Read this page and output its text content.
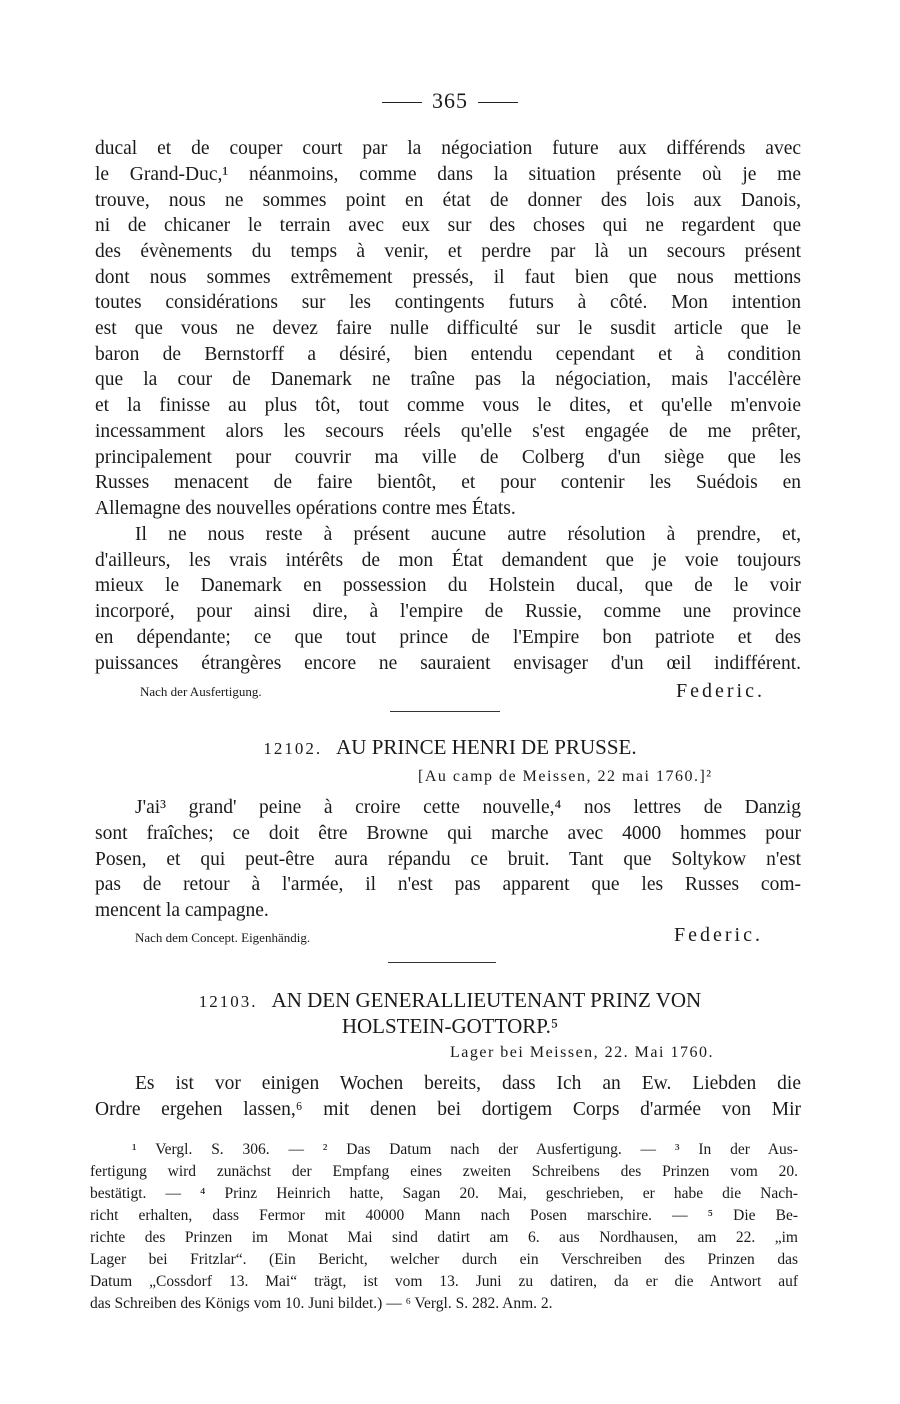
365
ducal et de couper court par la négociation future aux différends avec
le Grand-Duc,¹ néanmoins, comme dans la situation présente où je me
trouve, nous ne sommes point en état de donner des lois aux Danois,
ni de chicaner le terrain avec eux sur des choses qui ne regardent que
des évènements du temps à venir, et perdre par là un secours présent
dont nous sommes extrêmement pressés, il faut bien que nous mettions
toutes considérations sur les contingents futurs à côté. Mon intention
est que vous ne devez faire nulle difficulté sur le susdit article que le
baron de Bernstorff a désiré, bien entendu cependant et à condition
que la cour de Danemark ne traîne pas la négociation, mais l'accélère
et la finisse au plus tôt, tout comme vous le dites, et qu'elle m'envoie
incessamment alors les secours réels qu'elle s'est engagée de me prêter,
principalement pour couvrir ma ville de Colberg d'un siège que les
Russes menacent de faire bientôt, et pour contenir les Suédois en
Allemagne des nouvelles opérations contre mes États.
Il ne nous reste à présent aucune autre résolution à prendre, et,
d'ailleurs, les vrais intérêts de mon État demandent que je voie toujours
mieux le Danemark en possession du Holstein ducal, que de le voir
incorporé, pour ainsi dire, à l'empire de Russie, comme une province
en dépendante; ce que tout prince de l'Empire bon patriote et des
puissances étrangères encore ne sauraient envisager d'un œil indifférent.
Nach der Ausfertigung.	Federic.
12102. AU PRINCE HENRI DE PRUSSE.
[Au camp de Meissen, 22 mai 1760.]²
J'ai³ grand' peine à croire cette nouvelle,⁴ nos lettres de Danzig
sont fraîches; ce doit être Browne qui marche avec 4000 hommes pour
Posen, et qui peut-être aura répandu ce bruit. Tant que Soltykow n'est
pas de retour à l'armée, il n'est pas apparent que les Russes com-
mencent la campagne.
Nach dem Concept. Eigenhändig.	Federic.
12103. AN DEN GENERALLIEUTENANT PRINZ VON
HOLSTEIN-GOTTORP.⁵
Lager bei Meissen, 22. Mai 1760.
Es ist vor einigen Wochen bereits, dass Ich an Ew. Liebden die
Ordre ergehen lassen,⁶ mit denen bei dortigem Corps d'armée von Mir
¹ Vergl. S. 306. — ² Das Datum nach der Ausfertigung. — ³ In der Aus-
fertigung wird zunächst der Empfang eines zweiten Schreibens des Prinzen vom 20.
bestätigt. — ⁴ Prinz Heinrich hatte, Sagan 20. Mai, geschrieben, er habe die Nach-
richt erhalten, dass Fermor mit 40000 Mann nach Posen marschire. — ⁵ Die Be-
richte des Prinzen im Monat Mai sind datirt am 6. aus Nordhausen, am 22. „im
Lager bei Fritzlar“. (Ein Bericht, welcher durch ein Verschreiben des Prinzen das
Datum „Cossdorf 13. Mai“ trägt, ist vom 13. Juni zu datiren, da er die Antwort auf
das Schreiben des Königs vom 10. Juni bildet.) — ⁶ Vergl. S. 282. Anm. 2.
